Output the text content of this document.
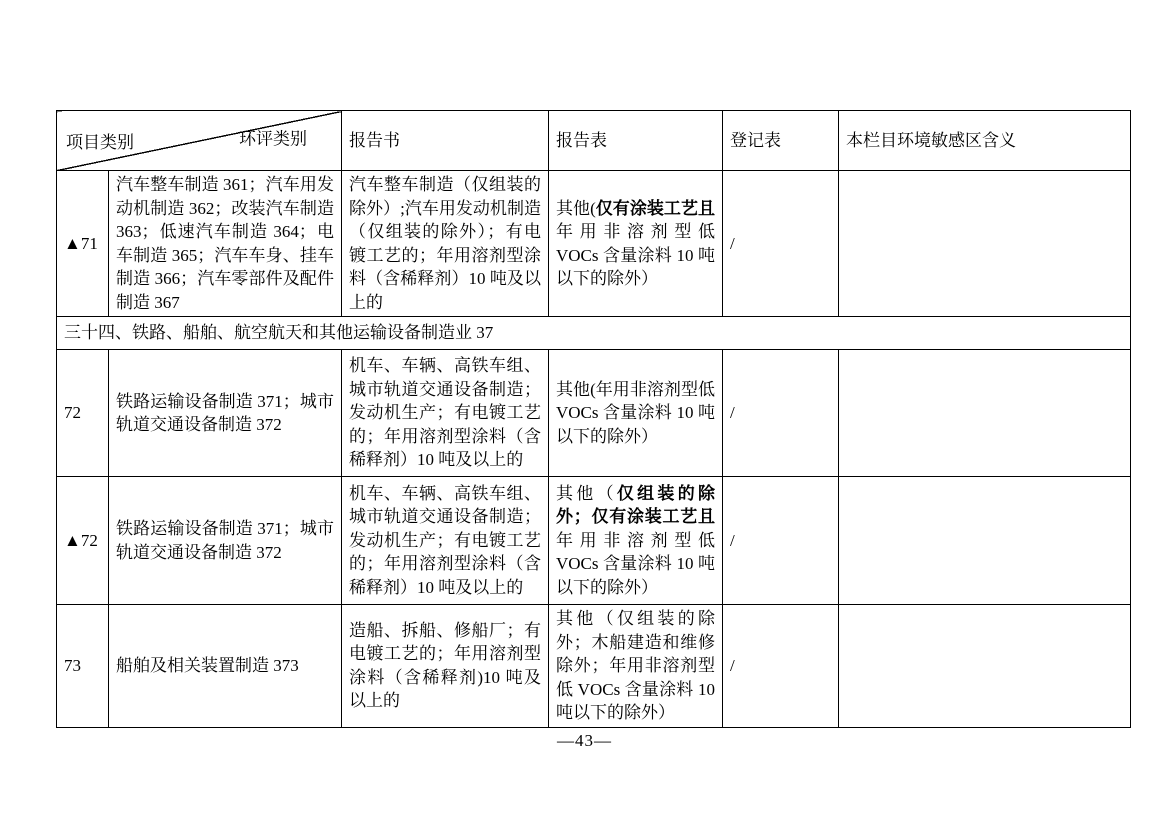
项目类别 环评类别		报告书	报告表	登记表	本栏目环境敏感区含义
▲71	汽车整车制造 361；汽车用发动机制造 362；改装汽车制造 363；低速汽车制造 364；电车制造 365；汽车车身、挂车制造 366；汽车零部件及配件制造 367	汽车整车制造（仅组装的除外）;汽车用发动机制造（仅组装的除外）；有电镀工艺的；年用溶剂型涂料（含稀释剂）10 吨及以上的	其他(仅有涂装工艺且年用非溶剂型低 VOCs 含量涂料 10 吨以下的除外）	/	
三十四、铁路、船舶、航空航天和其他运输设备制造业 37					
72	铁路运输设备制造 371；城市轨道交通设备制造 372	机车、车辆、高铁车组、城市轨道交通设备制造；发动机生产；有电镀工艺的；年用溶剂型涂料（含稀释剂）10 吨及以上的	其他(年用非溶剂型低 VOCs 含量涂料 10 吨以下的除外）	/	
▲72	铁路运输设备制造 371；城市轨道交通设备制造 372	机车、车辆、高铁车组、城市轨道交通设备制造；发动机生产；有电镀工艺的；年用溶剂型涂料（含稀释剂）10 吨及以上的	其他（仅组装的除外；仅有涂装工艺且年用非溶剂型低 VOCs 含量涂料 10 吨以下的除外）	/	
73	船舶及相关装置制造 373	造船、拆船、修船厂；有电镀工艺的；年用溶剂型涂料（含稀释剂)10 吨及以上的	其他（仅组装的除外；木船建造和维修除外；年用非溶剂型低 VOCs 含量涂料 10 吨以下的除外）	/	
—43—
